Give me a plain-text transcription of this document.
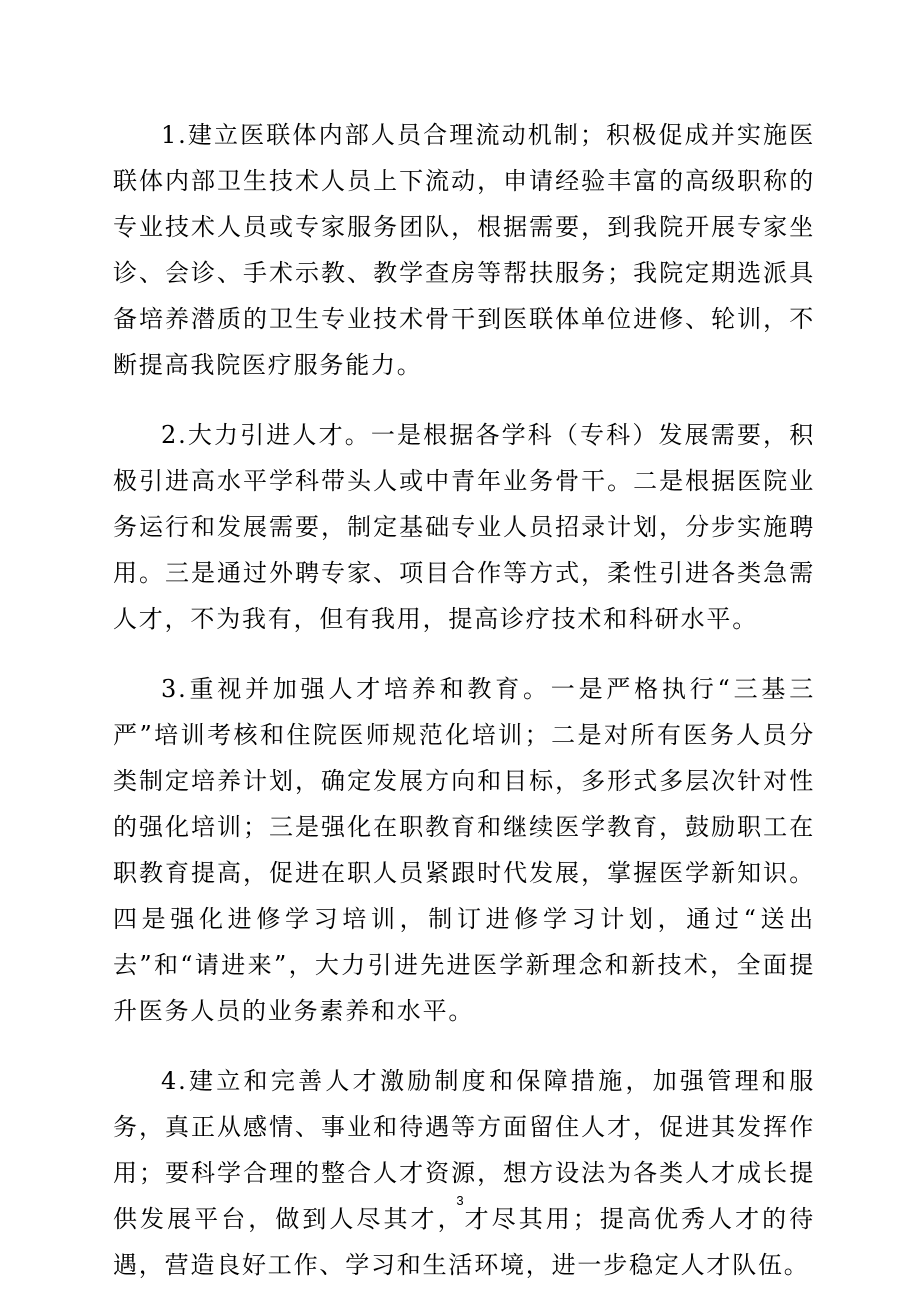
1.建立医联体内部人员合理流动机制；积极促成并实施医联体内部卫生技术人员上下流动，申请经验丰富的高级职称的专业技术人员或专家服务团队，根据需要，到我院开展专家坐诊、会诊、手术示教、教学查房等帮扶服务；我院定期选派具备培养潜质的卫生专业技术骨干到医联体单位进修、轮训，不断提高我院医疗服务能力。

2.大力引进人才。一是根据各学科（专科）发展需要，积极引进高水平学科带头人或中青年业务骨干。二是根据医院业务运行和发展需要，制定基础专业人员招录计划，分步实施聘用。三是通过外聘专家、项目合作等方式，柔性引进各类急需人才，不为我有，但有我用，提高诊疗技术和科研水平。

3.重视并加强人才培养和教育。一是严格执行“三基三严”培训考核和住院医师规范化培训；二是对所有医务人员分类制定培养计划，确定发展方向和目标，多形式多层次针对性的强化培训；三是强化在职教育和继续医学教育，鼓励职工在职教育提高，促进在职人员紧跟时代发展，掌握医学新知识。四是强化进修学习培训，制订进修学习计划，通过“送出去”和“请进来”，大力引进先进医学新理念和新技术，全面提升医务人员的业务素养和水平。

4.建立和完善人才激励制度和保障措施，加强管理和服务，真正从感情、事业和待遇等方面留住人才，促进其发挥作用；要科学合理的整合人才资源，想方设法为各类人才成长提供发展平台，做到人尽其才，才尽其用；提高优秀人才的待遇，营造良好工作、学习和生活环境，进一步稳定人才队伍。

3
